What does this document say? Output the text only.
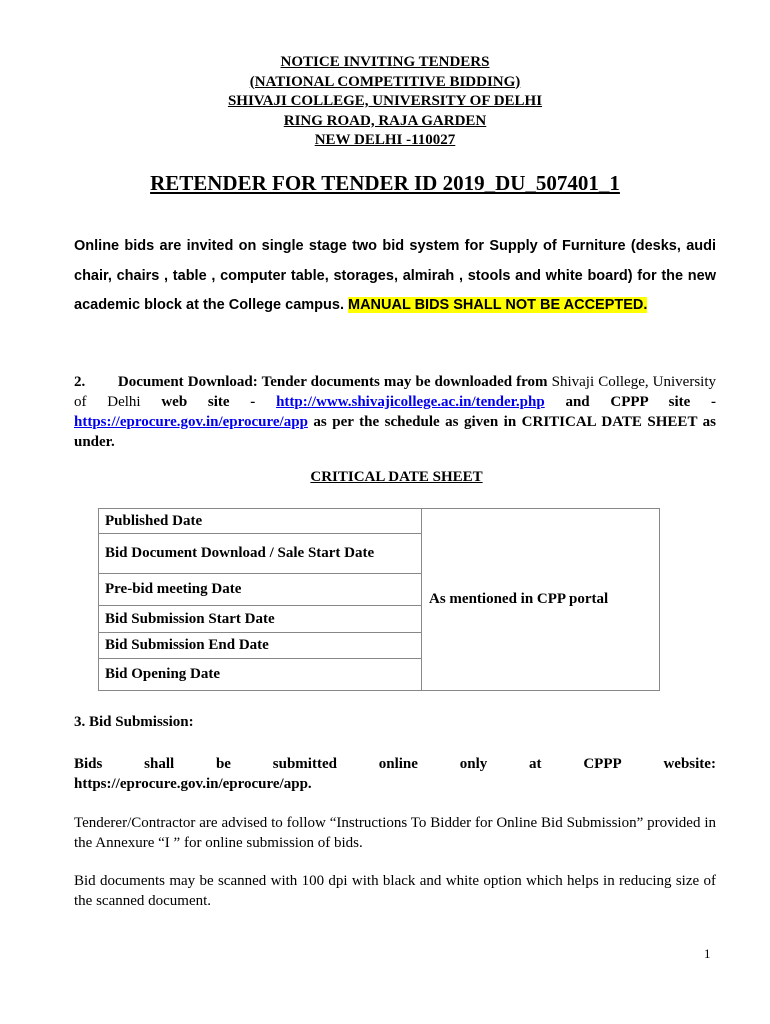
NOTICE INVITING TENDERS
(NATIONAL COMPETITIVE BIDDING)
SHIVAJI COLLEGE, UNIVERSITY OF DELHI
RING ROAD, RAJA GARDEN
NEW DELHI -110027
RETENDER FOR TENDER ID 2019_DU_507401_1
Online bids are invited on single stage two bid system for Supply of Furniture (desks, audi chair, chairs , table , computer table, storages, almirah , stools and white board) for the new academic block at the College campus. MANUAL BIDS SHALL NOT BE ACCEPTED.
2. Document Download: Tender documents may be downloaded from Shivaji College, University of Delhi web site - http://www.shivajicollege.ac.in/tender.php and CPPP site - https://eprocure.gov.in/eprocure/app as per the schedule as given in CRITICAL DATE SHEET as under.
CRITICAL DATE SHEET
Published Date	As mentioned in CPP portal
Bid Document Download / Sale Start Date
Pre-bid meeting Date
Bid Submission Start Date
Bid Submission End Date
Bid Opening Date
3. Bid Submission:
Bids	shall	be	submitted	online	only	at	CPPP	website:
https://eprocure.gov.in/eprocure/app.
Tenderer/Contractor are advised to follow “Instructions To Bidder for Online Bid Submission” provided in the Annexure “I ” for online submission of bids.
Bid documents may be scanned with 100 dpi with black and white option which helps in reducing size of the scanned document.
1
